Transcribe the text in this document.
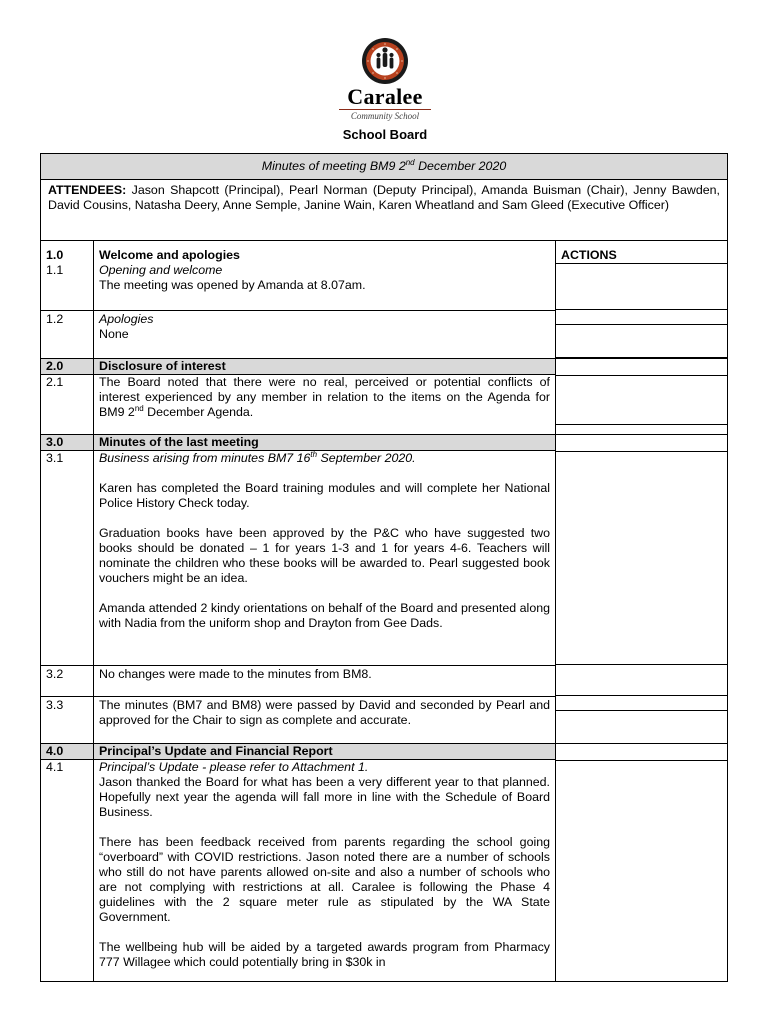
Caralee
Community School
School Board
Minutes of meeting BM9 2nd December 2020
ATTENDEES: Jason Shapcott (Principal), Pearl Norman (Deputy Principal), Amanda Buisman (Chair), Jenny Bawden, David Cousins, Natasha Deery, Anne Semple, Janine Wain, Karen Wheatland and Sam Gleed (Executive Officer)
1.0	Welcome and apologies	ACTIONS
1.1	Opening and welcome
The meeting was opened by Amanda at 8.07am.
1.2	Apologies
None
2.0	Disclosure of interest
2.1	The Board noted that there were no real, perceived or potential conflicts of interest experienced by any member in relation to the items on the Agenda for BM9 2nd December Agenda.
3.0	Minutes of the last meeting
3.1	Business arising from minutes BM7 16th September 2020.
Karen has completed the Board training modules and will complete her National Police History Check today.
Graduation books have been approved by the P&C who have suggested two books should be donated – 1 for years 1-3 and 1 for years 4-6. Teachers will nominate the children who these books will be awarded to. Pearl suggested book vouchers might be an idea.
Amanda attended 2 kindy orientations on behalf of the Board and presented along with Nadia from the uniform shop and Drayton from Gee Dads.
3.2	No changes were made to the minutes from BM8.
3.3	The minutes (BM7 and BM8) were passed by David and seconded by Pearl and approved for the Chair to sign as complete and accurate.
4.0	Principal’s Update and Financial Report
4.1	Principal’s Update - please refer to Attachment 1.
Jason thanked the Board for what has been a very different year to that planned. Hopefully next year the agenda will fall more in line with the Schedule of Board Business.
There has been feedback received from parents regarding the school going “overboard” with COVID restrictions. Jason noted there are a number of schools who still do not have parents allowed on-site and also a number of schools who are not complying with restrictions at all. Caralee is following the Phase 4 guidelines with the 2 square meter rule as stipulated by the WA State Government.
The wellbeing hub will be aided by a targeted awards program from Pharmacy 777 Willagee which could potentially bring in $30k in
